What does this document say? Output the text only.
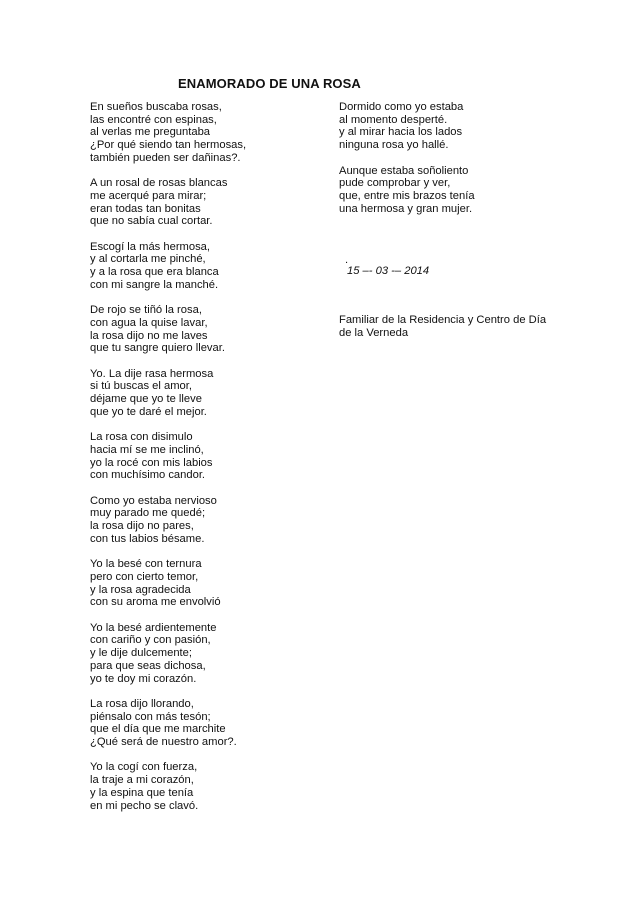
ENAMORADO DE UNA ROSA
En sueños buscaba rosas,
las encontré con espinas,
al verlas me preguntaba
¿Por qué siendo tan hermosas,
también pueden ser dañinas?.
A un rosal de rosas blancas
me acerqué para mirar;
eran todas tan bonitas
que no sabía cual cortar.
Escogí la más hermosa,
y al cortarla me pinché,
y a la rosa que era blanca
con mi sangre la manché.
De rojo se tiñó la rosa,
con agua la quise lavar,
la rosa dijo no me laves
que tu sangre quiero llevar.
Yo. La dije rasa hermosa
si tú buscas el amor,
déjame que yo te lleve
que yo te daré el mejor.
La rosa con disimulo
hacia mí se me inclinó,
yo la rocé con mis labios
con muchísimo candor.
Como yo estaba nervioso
muy parado me quedé;
la rosa dijo no pares,
con tus labios bésame.
Yo la besé con ternura
pero con cierto temor,
y la rosa agradecida
con su aroma me envolvió
Yo la besé ardientemente
con cariño y con pasión,
y le dije dulcemente;
para que seas dichosa,
yo te doy mi corazón.
La rosa dijo llorando,
piénsalo con más tesón;
que el día que me marchite
¿Qué será de nuestro amor?.
Yo la cogí con fuerza,
la traje a mi corazón,
y la espina que tenía
en mi pecho se clavó.
Dormido como yo estaba
al momento desperté.
y al mirar hacia los lados
ninguna rosa yo hallé.
Aunque estaba soñoliento
pude comprobar y ver,
que, entre mis brazos tenía
una hermosa y gran mujer.
.
15 –- 03 -– 2014
Familiar de la Residencia y Centro de Día
de la Verneda
